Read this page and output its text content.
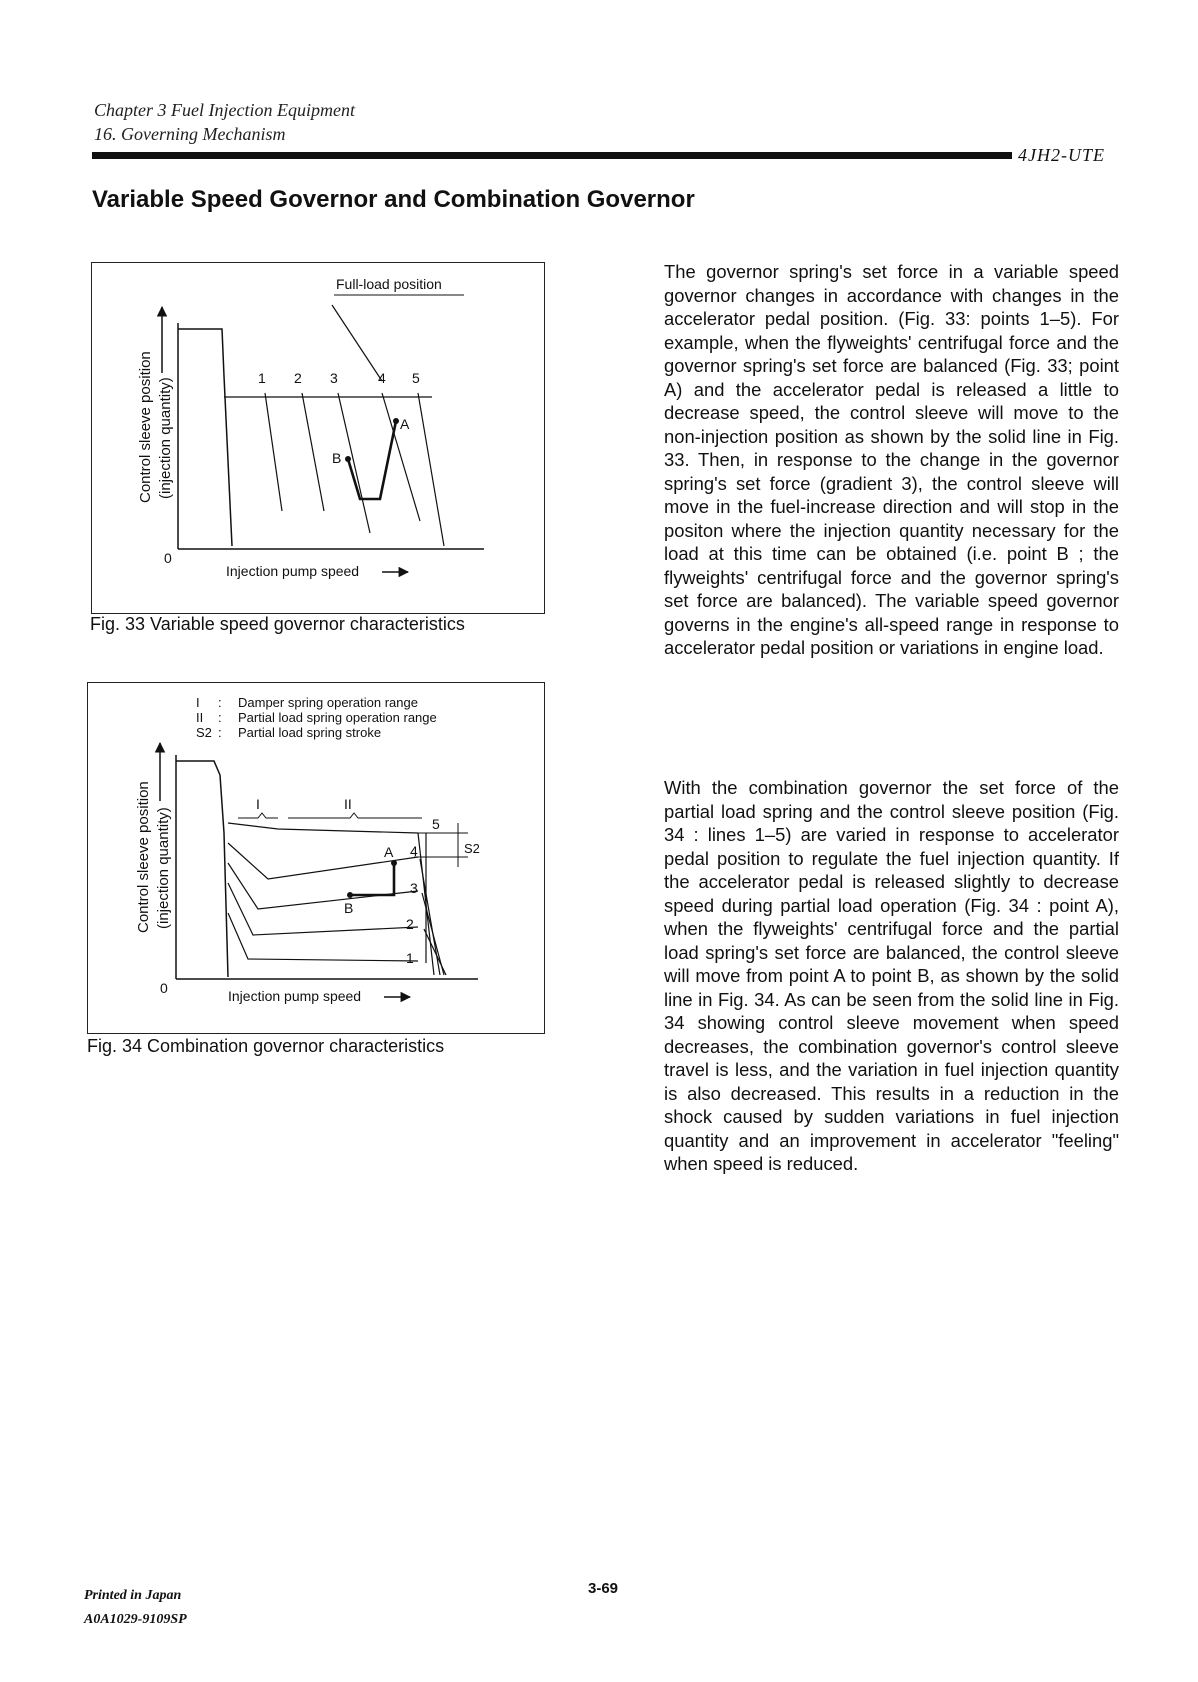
Chapter 3 Fuel Injection Equipment
16. Governing Mechanism
4JH2-UTE
Variable Speed Governor and Combination Governor
Full-load position
1 2 3	4 5
A
B
0
Injection pump speed
Control sleeve position (injection quantity)
Fig. 33 Variable speed governor characteristics
I : Damper spring operation range
II : Partial load spring operation range
S2 : Partial load spring stroke
I	II
S2
5
4
3
2
1
A
B
0	Injection pump speed
Control sleeve position (injection quantity)
Fig. 34 Combination governor characteristics

The governor spring's set force in a variable speed governor changes in accordance with changes in the accelerator pedal position. (Fig. 33: points 1–5). For example, when the flyweights' centrifugal force and the governor spring's set force are balanced (Fig. 33; point A) and the accelerator pedal is released a little to decrease speed, the control sleeve will move to the non-injection position as shown by the solid line in Fig. 33. Then, in response to the change in the governor spring's set force (gradient 3), the control sleeve will move in the fuel-increase direction and will stop in the positon where the injection quantity necessary for the load at this time can be obtained (i.e. point B ; the flyweights' centrifugal force and the governor spring's set force are balanced). The variable speed governor governs in the engine's all-speed range in response to accelerator pedal position or variations in engine load.

With the combination governor the set force of the partial load spring and the control sleeve position (Fig. 34 : lines 1–5) are varied in response to accelerator pedal position to regulate the fuel injection quantity. If the accelerator pedal is released slightly to decrease speed during partial load operation (Fig. 34 : point A), when the flyweights' centrifugal force and the partial load spring's set force are balanced, the control sleeve will move from point A to point B, as shown by the solid line in Fig. 34. As can be seen from the solid line in Fig. 34 showing control sleeve movement when speed decreases, the combination governor's control sleeve travel is less, and the variation in fuel injection quantity is also decreased. This results in a reduction in the shock caused by sudden variations in fuel injection quantity and an improvement in accelerator "feeling" when speed is reduced.

Printed in Japan
A0A1029-9109SP
3-69
